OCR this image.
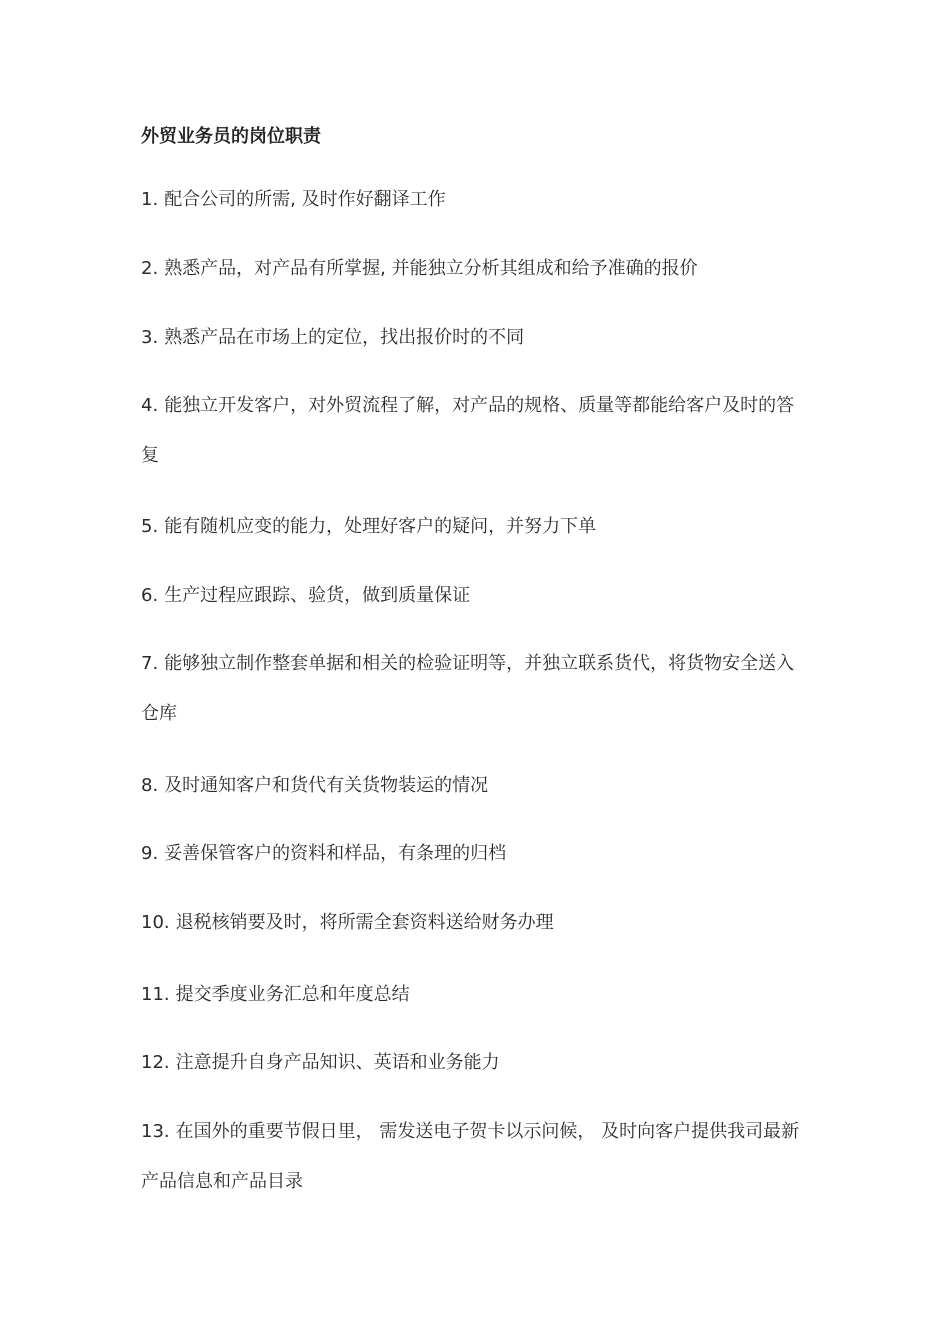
外贸业务员的岗位职责
1. 配合公司的所需, 及时作好翻译工作
2. 熟悉产品，对产品有所掌握, 并能独立分析其组成和给予准确的报价
3. 熟悉产品在市场上的定位，找出报价时的不同
4. 能独立开发客户，对外贸流程了解，对产品的规格、质量等都能给客户及时的答复
5. 能有随机应变的能力，处理好客户的疑问，并努力下单
6. 生产过程应跟踪、验货，做到质量保证
7. 能够独立制作整套单据和相关的检验证明等，并独立联系货代，将货物安全送入仓库
8. 及时通知客户和货代有关货物装运的情况
9. 妥善保管客户的资料和样品，有条理的归档
10. 退税核销要及时，将所需全套资料送给财务办理
11. 提交季度业务汇总和年度总结
12. 注意提升自身产品知识、英语和业务能力
13. 在国外的重要节假日里， 需发送电子贺卡以示问候， 及时向客户提供我司最新产品信息和产品目录
